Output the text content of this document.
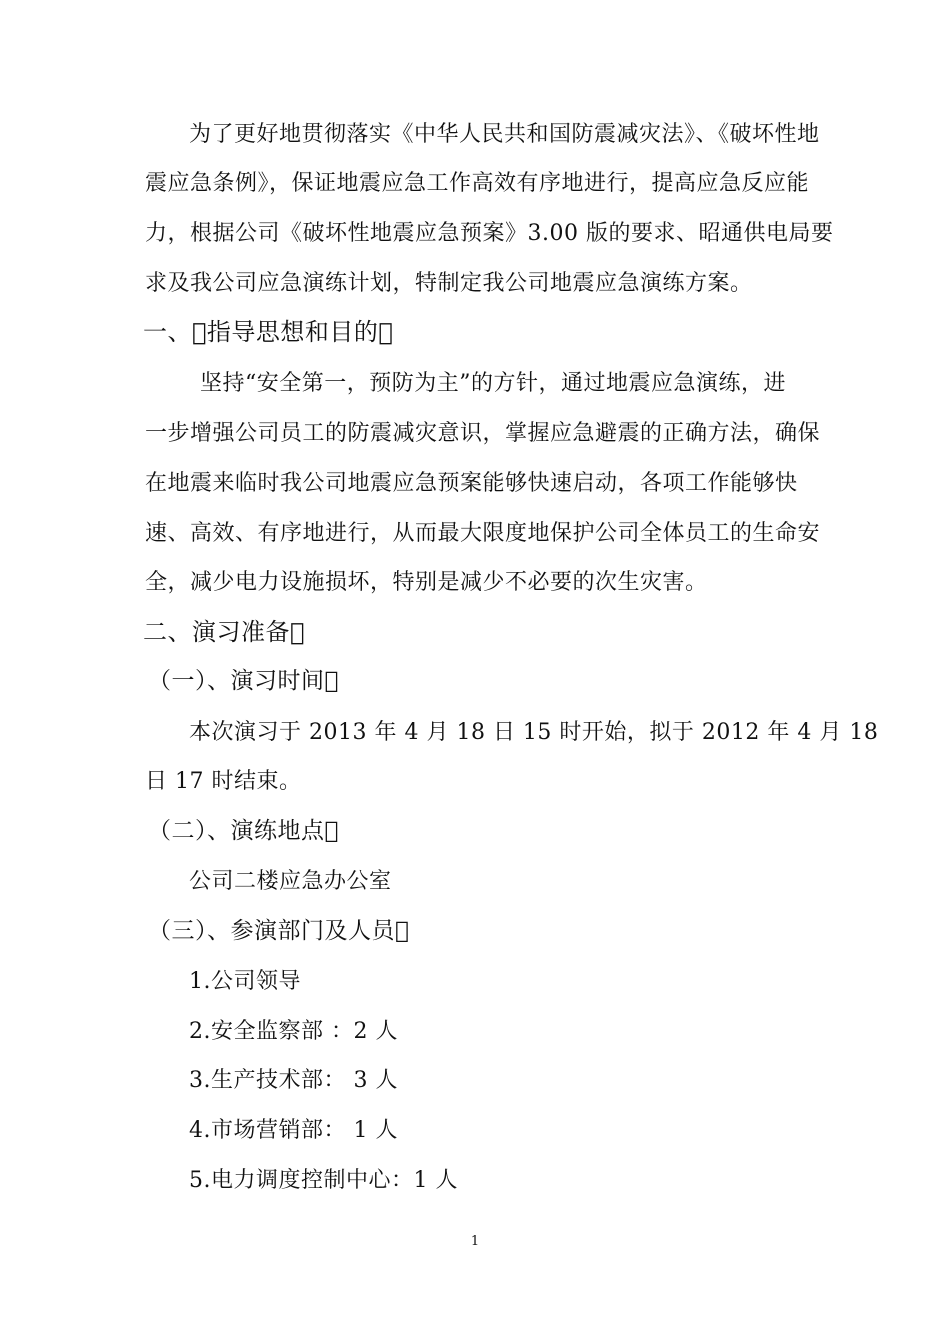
为了更好地贯彻落实《中华人民共和国防震减灾法》、《破坏性地
震应急条例》，保证地震应急工作高效有序地进行，提高应急反应能
力，根据公司《破坏性地震应急预案》3.00 版的要求、昭通供电局要
求及我公司应急演练计划，特制定我公司地震应急演练方案。
一、 指导思想和目的 
坚持“安全第一，预防为主”的方针，通过地震应急演练，进
一步增强公司员工的防震减灾意识，掌握应急避震的正确方法，确保
在地震来临时我公司地震应急预案能够快速启动，各项工作能够快
速、高效、有序地进行，从而最大限度地保护公司全体员工的生命安
全，减少电力设施损坏，特别是减少不必要的次生灾害。
二、演习准备 
（一）、演习时间 
本次演习于 2013 年 4 月 18 日 15 时开始，拟于 2012 年 4 月 18
日 17 时结束。
（二）、演练地点 
公司二楼应急办公室
（三）、参演部门及人员 
1.公司领导
2.安全监察部 ：2 人
3.生产技术部： 3 人
4.市场营销部： 1 人
5.电力调度控制中心：1 人
1
